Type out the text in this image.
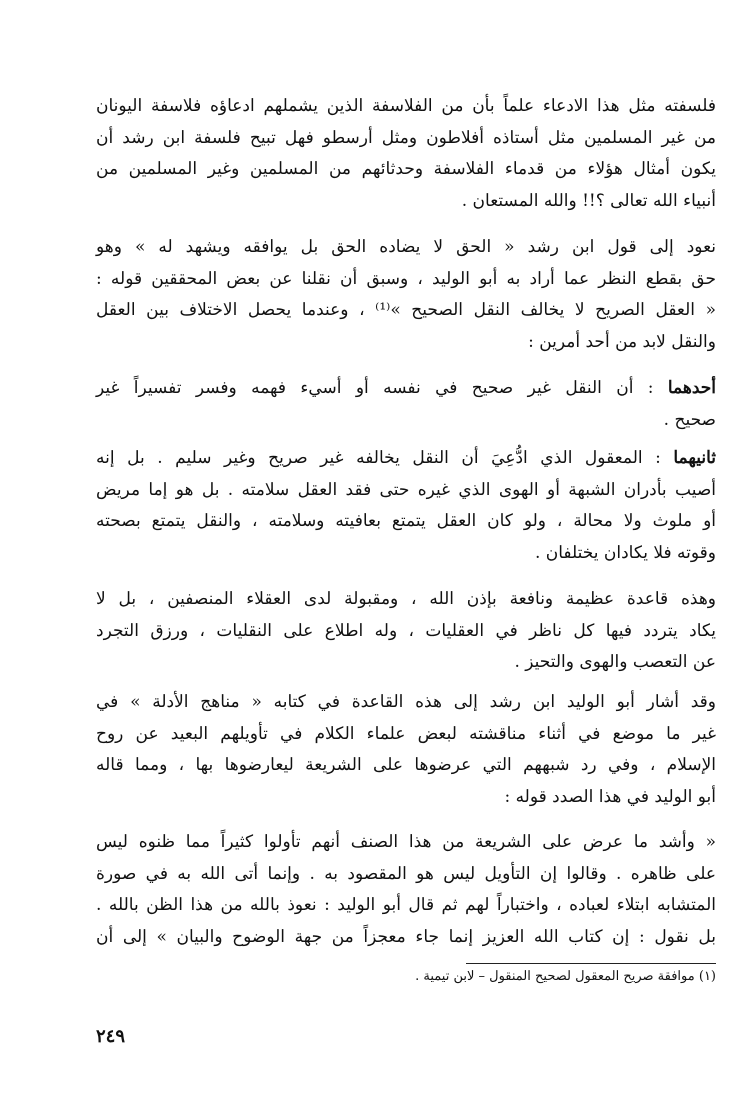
فلسفته مثل هذا الادعاء علماً بأن من الفلاسفة الذين يشملهم ادعاؤه فلاسفة اليونان
من غير المسلمين مثل أستاذه أفلاطون ومثل أرسطو فهل تبيح فلسفة ابن رشد أن
يكون أمثال هؤلاء من قدماء الفلاسفة وحدثائهم من المسلمين وغير المسلمين من
أنبياء الله تعالى ؟!! والله المستعان .
نعود إلى قول ابن رشد « الحق لا يضاده الحق بل يوافقه ويشهد له » وهو
حق بقطع النظر عما أراد به أبو الوليد ، وسبق أن نقلنا عن بعض المحققين قوله :
« العقل الصريح لا يخالف النقل الصحيح »⁽¹⁾ ، وعندما يحصل الاختلاف بين العقل
والنقل لابد من أحد أمرين :
أحدهما : أن النقل غير صحيح في نفسه أو أسيء فهمه وفسر تفسيراً غير
صحيح .
ثانيهما : المعقول الذي ادُّعِيَ أن النقل يخالفه غير صريح وغير سليم . بل إنه
أصيب بأدران الشبهة أو الهوى الذي غيره حتى فقد العقل سلامته . بل هو إما مريض
أو ملوث ولا محالة ، ولو كان العقل يتمتع بعافيته وسلامته ، والنقل يتمتع بصحته
وقوته فلا يكادان يختلفان .
وهذه قاعدة عظيمة ونافعة بإذن الله ، ومقبولة لدى العقلاء المنصفين ، بل لا
يكاد يتردد فيها كل ناظر في العقليات ، وله اطلاع على النقليات ، ورزق التجرد
عن التعصب والهوى والتحيز .
وقد أشار أبو الوليد ابن رشد إلى هذه القاعدة في كتابه « مناهج الأدلة » في
غير ما موضع في أثناء مناقشته لبعض علماء الكلام في تأويلهم البعيد عن روح
الإسلام ، وفي رد شبههم التي عرضوها على الشريعة ليعارضوها بها ، ومما قاله
أبو الوليد في هذا الصدد قوله :
« وأشد ما عرض على الشريعة من هذا الصنف أنهم تأولوا كثيراً مما ظنوه ليس
على ظاهره . وقالوا إن التأويل ليس هو المقصود به . وإنما أتى الله به في صورة
المتشابه ابتلاء لعباده ، واختباراً لهم ثم قال أبو الوليد : نعوذ بالله من هذا الظن بالله .
بل نقول : إن كتاب الله العزيز إنما جاء معجزاً من جهة الوضوح والبيان » إلى أن
(١) موافقة صريح المعقول لصحيح المنقول – لابن تيمية .
٢٤٩
